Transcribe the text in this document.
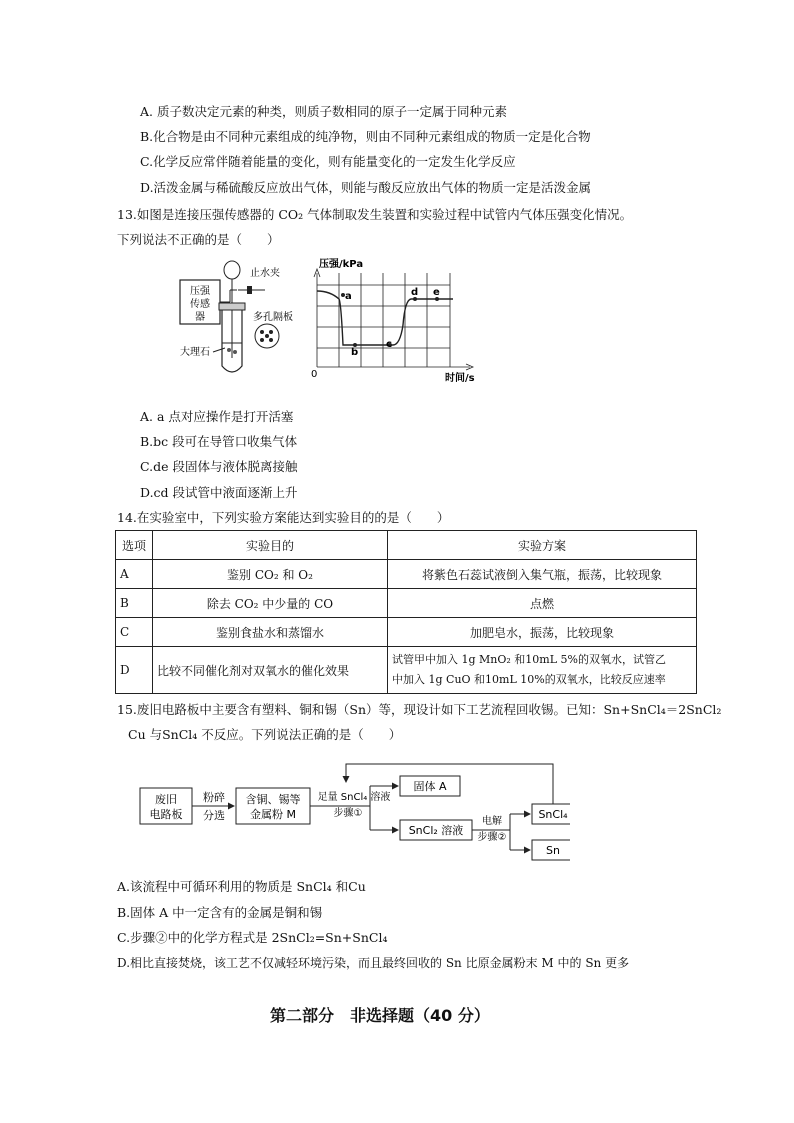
A. 质子数决定元素的种类，则质子数相同的原子一定属于同种元素
B.化合物是由不同种元素组成的纯净物，则由不同种元素组成的物质一定是化合物
C.化学反应常伴随着能量的变化，则有能量变化的一定发生化学反应
D.活泼金属与稀硫酸反应放出气体，则能与酸反应放出气体的物质一定是活泼金属
13.如图是连接压强传感器的 CO₂ 气体制取发生装置和实验过程中试管内气体压强变化情况。
下列说法不正确的是（　　）
压强
传感
器
止水夹
多孔隔板
大理石
压强/kPa
时间/s
0
a
b
c
d e
A. a 点对应操作是打开活塞
B.bc 段可在导管口收集气体
C.de 段固体与液体脱离接触
D.cd 段试管中液面逐渐上升
14.在实验室中，下列实验方案能达到实验目的的是（　　）
选项	实验目的	实验方案
A	鉴别 CO₂ 和 O₂	将紫色石蕊试液倒入集气瓶，振荡，比较现象
B	除去 CO₂ 中少量的 CO	点燃
C	鉴别食盐水和蒸馏水	加肥皂水，振荡，比较现象
D	比较不同催化剂对双氧水的催化效果	试管甲中加入 1g MnO₂ 和10mL 5%的双氧水，试管乙
中加入 1g CuO 和10mL 10%的双氧水，比较反应速率
15.废旧电路板中主要含有塑料、铜和锡（Sn）等，现设计如下工艺流程回收锡。已知：Sn+SnCl₄＝2SnCl₂
Cu 与SnCl₄ 不反应。下列说法正确的是（　　）
废旧
电路板
粉碎
分选
含铜、锡等
金属粉 M
足量 SnCl₄ 溶液
步骤①
固体 A
SnCl₂ 溶液
电解
步骤②
SnCl₄
Sn
A.该流程中可循环利用的物质是 SnCl₄ 和Cu
B.固体 A 中一定含有的金属是铜和锡
C.步骤②中的化学方程式是 2SnCl₂=Sn+SnCl₄
D.相比直接焚烧，该工艺不仅减轻环境污染，而且最终回收的 Sn 比原金属粉末 M 中的 Sn 更多
第二部分　非选择题（40 分）
